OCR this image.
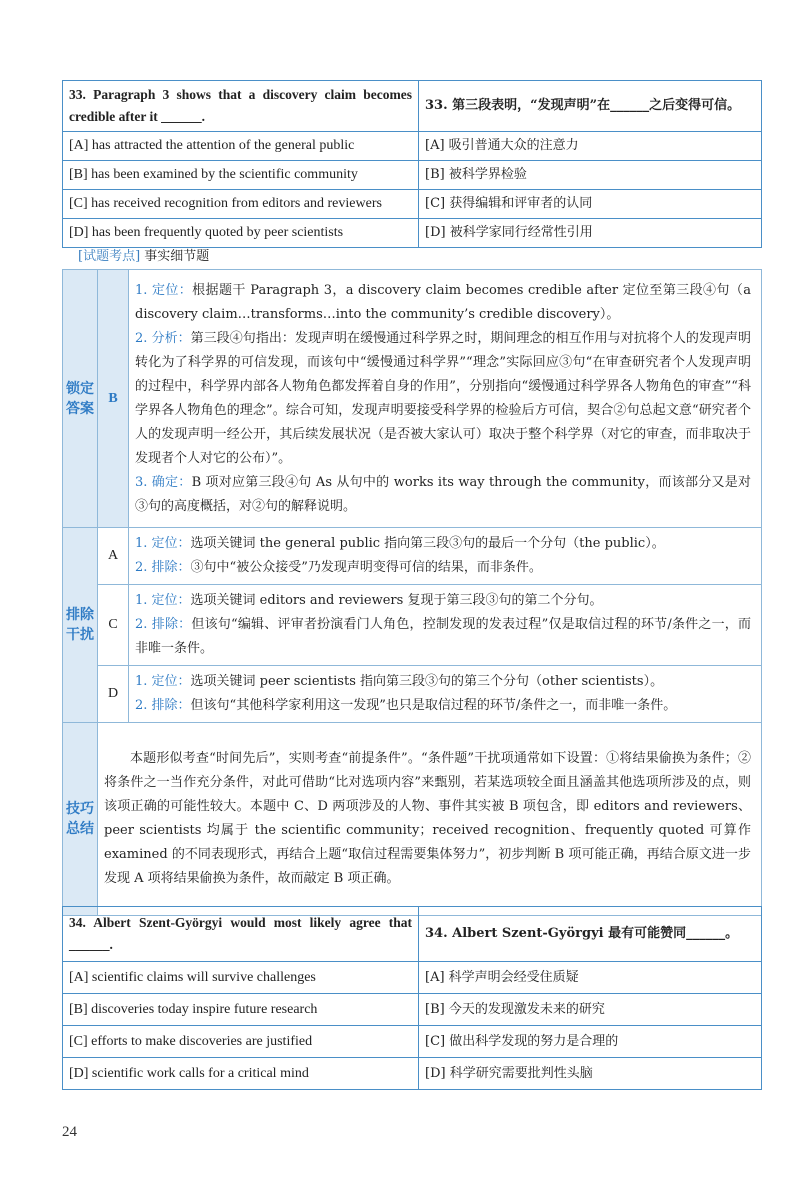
33. Paragraph 3 shows that a discovery claim becomes credible after it ______.	33. 第三段表明，“发现声明”在______之后变得可信。
[A] has attracted the attention of the general public	[A] 吸引普通大众的注意力
[B] has been examined by the scientific community	[B] 被科学界检验
[C] has received recognition from editors and reviewers	[C] 获得编辑和评审者的认同
[D] has been frequently quoted by peer scientists	[D] 被科学家同行经常性引用
[试题考点] 事实细节题
锁定答案	B	1. 定位：根据题干 Paragraph 3，a discovery claim becomes credible after 定位至第三段④句（a discovery claim…transforms…into the community’s credible discovery）。

2. 分析：第三段④句指出：发现声明在缓慢通过科学界之时，期间理念的相互作用与对抗将个人的发现声明转化为了科学界的可信发现，而该句中“缓慢通过科学界”“理念”实际回应③句“在审查研究者个人发现声明的过程中，科学界内部各人物角色都发挥着自身的作用”，分别指向“缓慢通过科学界各人物角色的审查”“科学界各人物角色的理念”。综合可知，发现声明要接受科学界的检验后方可信，契合②句总起文意“研究者个人的发现声明一经公开，其后续发展状况（是否被大家认可）取决于整个科学界（对它的审查，而非取决于发现者个人对它的公布）”。

3. 确定：B 项对应第三段④句 As 从句中的 works its way through the community，而该部分又是对③句的高度概括，对②句的解释说明。

排除干扰	A	1. 定位：选项关键词 the general public 指向第三段③句的最后一个分句（the public）。

2. 排除：③句中“被公众接受”乃发现声明变得可信的结果，而非条件。

	C	1. 定位：选项关键词 editors and reviewers 复现于第三段③句的第二个分句。

2. 排除：但该句“编辑、评审者扮演看门人角色，控制发现的发表过程”仅是取信过程的环节/条件之一，而非唯一条件。

	D	1. 定位：选项关键词 peer scientists 指向第三段③句的第三个分句（other scientists）。

2. 排除：但该句“其他科学家利用这一发现”也只是取信过程的环节/条件之一，而非唯一条件。

技巧总结	本题形似考查“时间先后”，实则考查“前提条件”。“条件题”干扰项通常如下设置：①将结果偷换为条件；②将条件之一当作充分条件，对此可借助“比对选项内容”来甄别，若某选项较全面且涵盖其他选项所涉及的点，则该项正确的可能性较大。本题中 C、D 两项涉及的人物、事件其实被 B 项包含，即 editors and reviewers、peer scientists 均属于 the scientific community；received recognition、frequently quoted 可算作 examined 的不同表现形式，再结合上题“取信过程需要集体努力”，初步判断 B 项可能正确，再结合原文进一步发现 A 项将结果偷换为条件，故而敲定 B 项正确。	

34. Albert Szent-Györgyi would most likely agree that ______.	34. Albert Szent-Györgyi 最有可能赞同______。
[A] scientific claims will survive challenges	[A] 科学声明会经受住质疑
[B] discoveries today inspire future research	[B] 今天的发现激发未来的研究
[C] efforts to make discoveries are justified	[C] 做出科学发现的努力是合理的
[D] scientific work calls for a critical mind	[D] 科学研究需要批判性头脑
24
